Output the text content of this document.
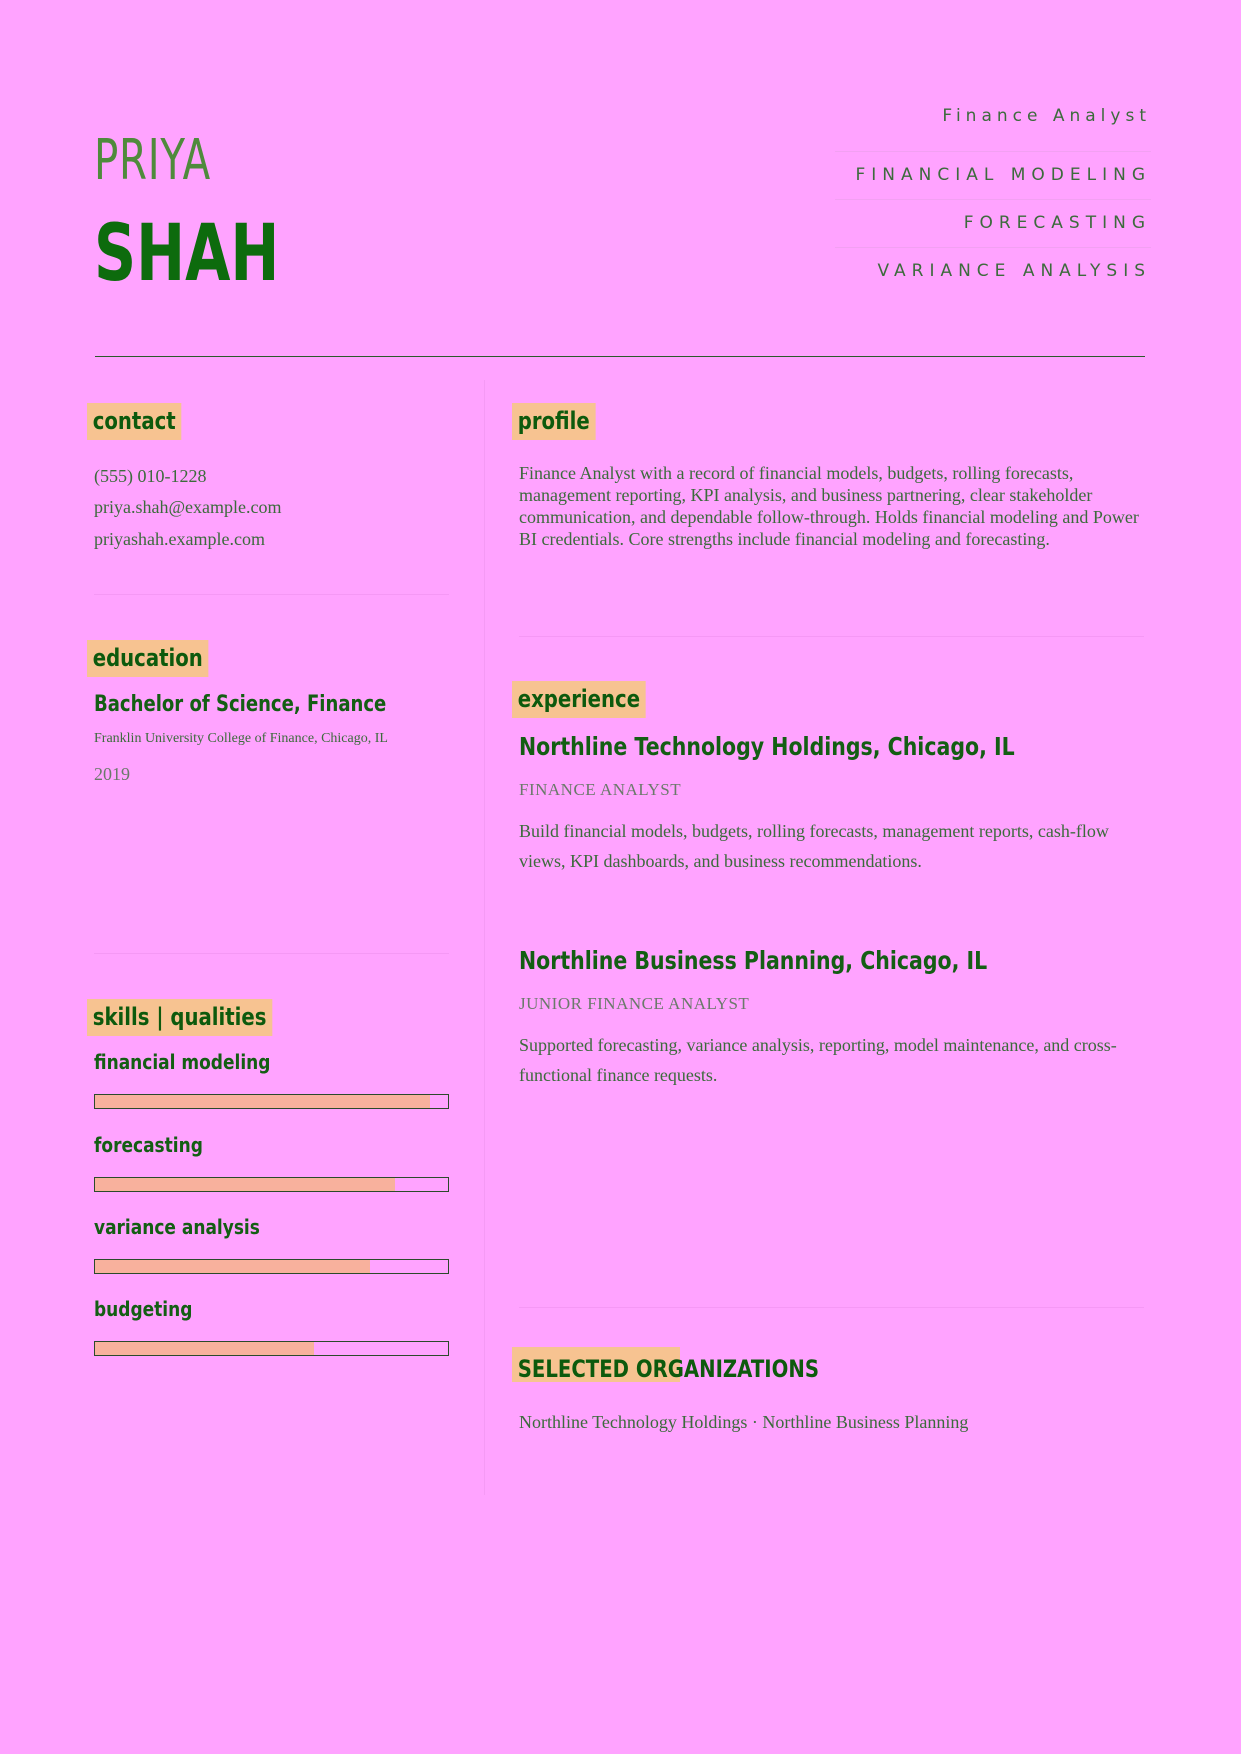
PRIYA
SHAH
Finance Analyst
FINANCIAL MODELING
FORECASTING
VARIANCE ANALYSIS
contact
(555) 010-1228
priya.shah@example.com
priyashah.example.com
education
Bachelor of Science, Finance
Franklin University College of Finance, Chicago, IL
2019
skills | qualities
financial modeling
forecasting
variance analysis
budgeting
profile
Finance Analyst with a record of financial models, budgets, rolling forecasts, management reporting, KPI analysis, and business partnering, clear stakeholder communication, and dependable follow-through. Holds financial modeling and Power BI credentials. Core strengths include financial modeling and forecasting.
experience
Northline Technology Holdings, Chicago, IL
FINANCE ANALYST
Build financial models, budgets, rolling forecasts, management reports, cash-flow views, KPI dashboards, and business recommendations.
Northline Business Planning, Chicago, IL
JUNIOR FINANCE ANALYST
Supported forecasting, variance analysis, reporting, model maintenance, and cross-functional finance requests.
SELECTED ORGANIZATIONS
Northline Technology Holdings · Northline Business Planning
